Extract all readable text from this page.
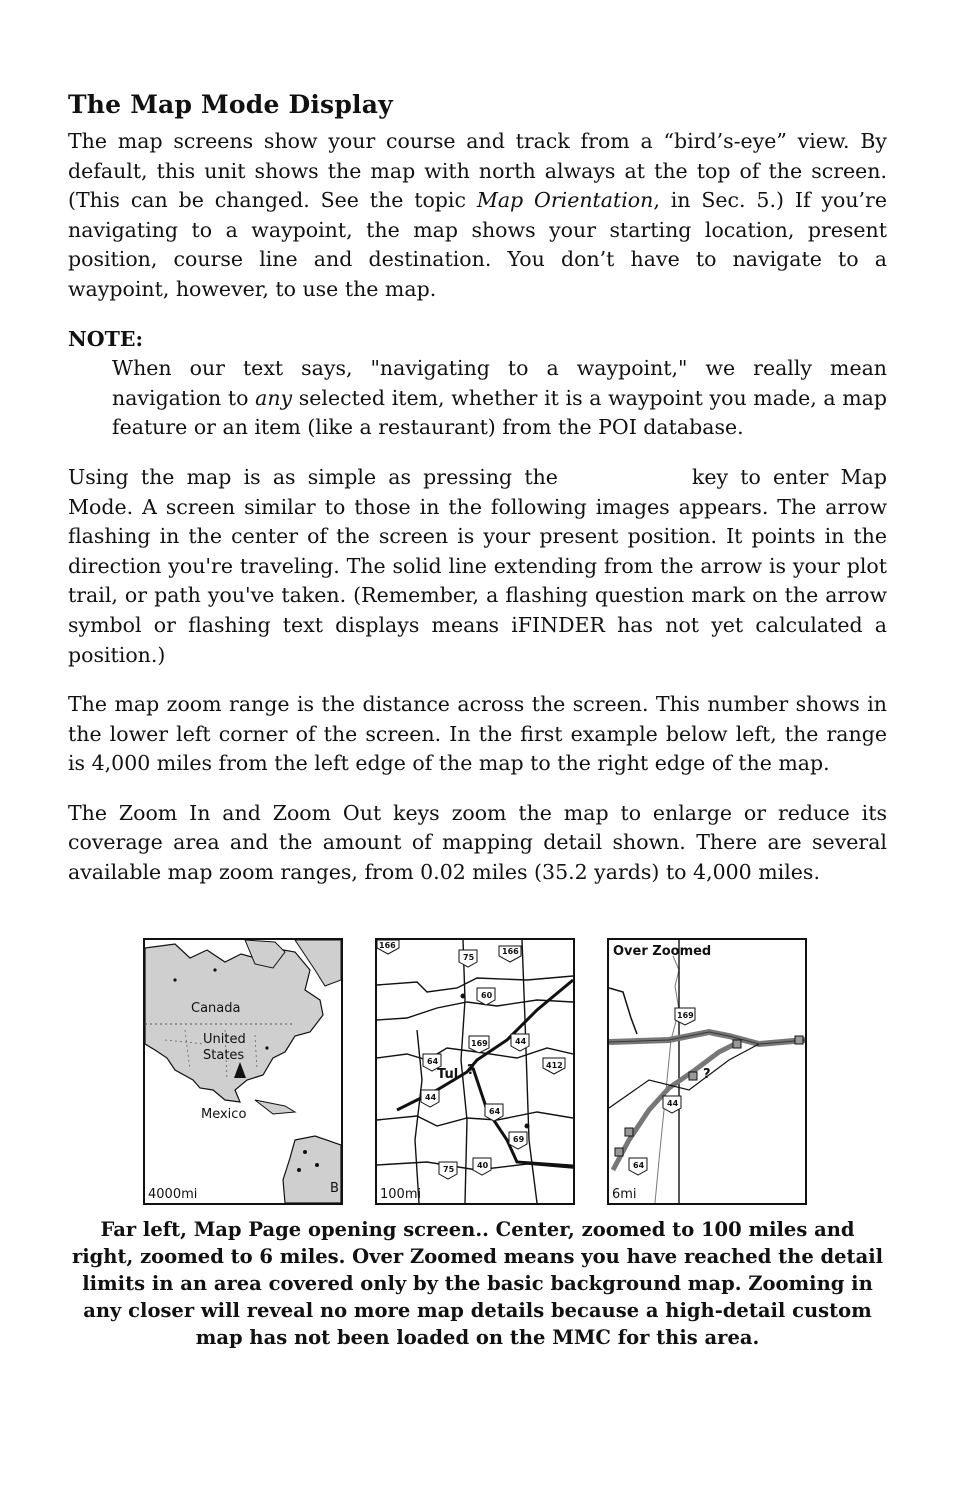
The Map Mode Display

The map screens show your course and track from a “bird’s-eye” view. By default, this unit shows the map with north always at the top of the screen. (This can be changed. See the topic Map Orientation, in Sec. 5.) If you’re navigating to a waypoint, the map shows your starting location, present position, course line and destination. You don’t have to navigate to a waypoint, however, to use the map.

NOTE:

When our text says, "navigating to a waypoint," we really mean navigation to any selected item, whether it is a waypoint you made, a map feature or an item (like a restaurant) from the POI database.

Using the map is as simple as pressing the	key to enter Map Mode. A screen similar to those in the following images appears. The arrow flashing in the center of the screen is your present position. It points in the direction you're traveling. The solid line extending from the arrow is your plot trail, or path you've taken. (Remember, a flashing question mark on the arrow symbol or flashing text displays means iFINDER has not yet calculated a position.)

The map zoom range is the distance across the screen. This number shows in the lower left corner of the screen. In the first example below left, the range is 4,000 miles from the left edge of the map to the right edge of the map.

The Zoom In and Zoom Out keys zoom the map to enlarge or reduce its coverage area and the amount of mapping detail shown. There are several available map zoom ranges, from 0.02 miles (35.2 yards) to 4,000 miles.

Canada
United
States
Mexico
4000mi	B
166
75
166
60
169	44
64	412
44
64
69
75	40
Tul ?
100mi
Over Zoomed
169
44
64
?
6mi
Far left, Map Page opening screen.. Center, zoomed to 100 miles and right, zoomed to 6 miles. Over Zoomed means you have reached the detail limits in an area covered only by the basic background map. Zooming in any closer will reveal no more map details because a high-detail custom map has not been loaded on the MMC for this area.
